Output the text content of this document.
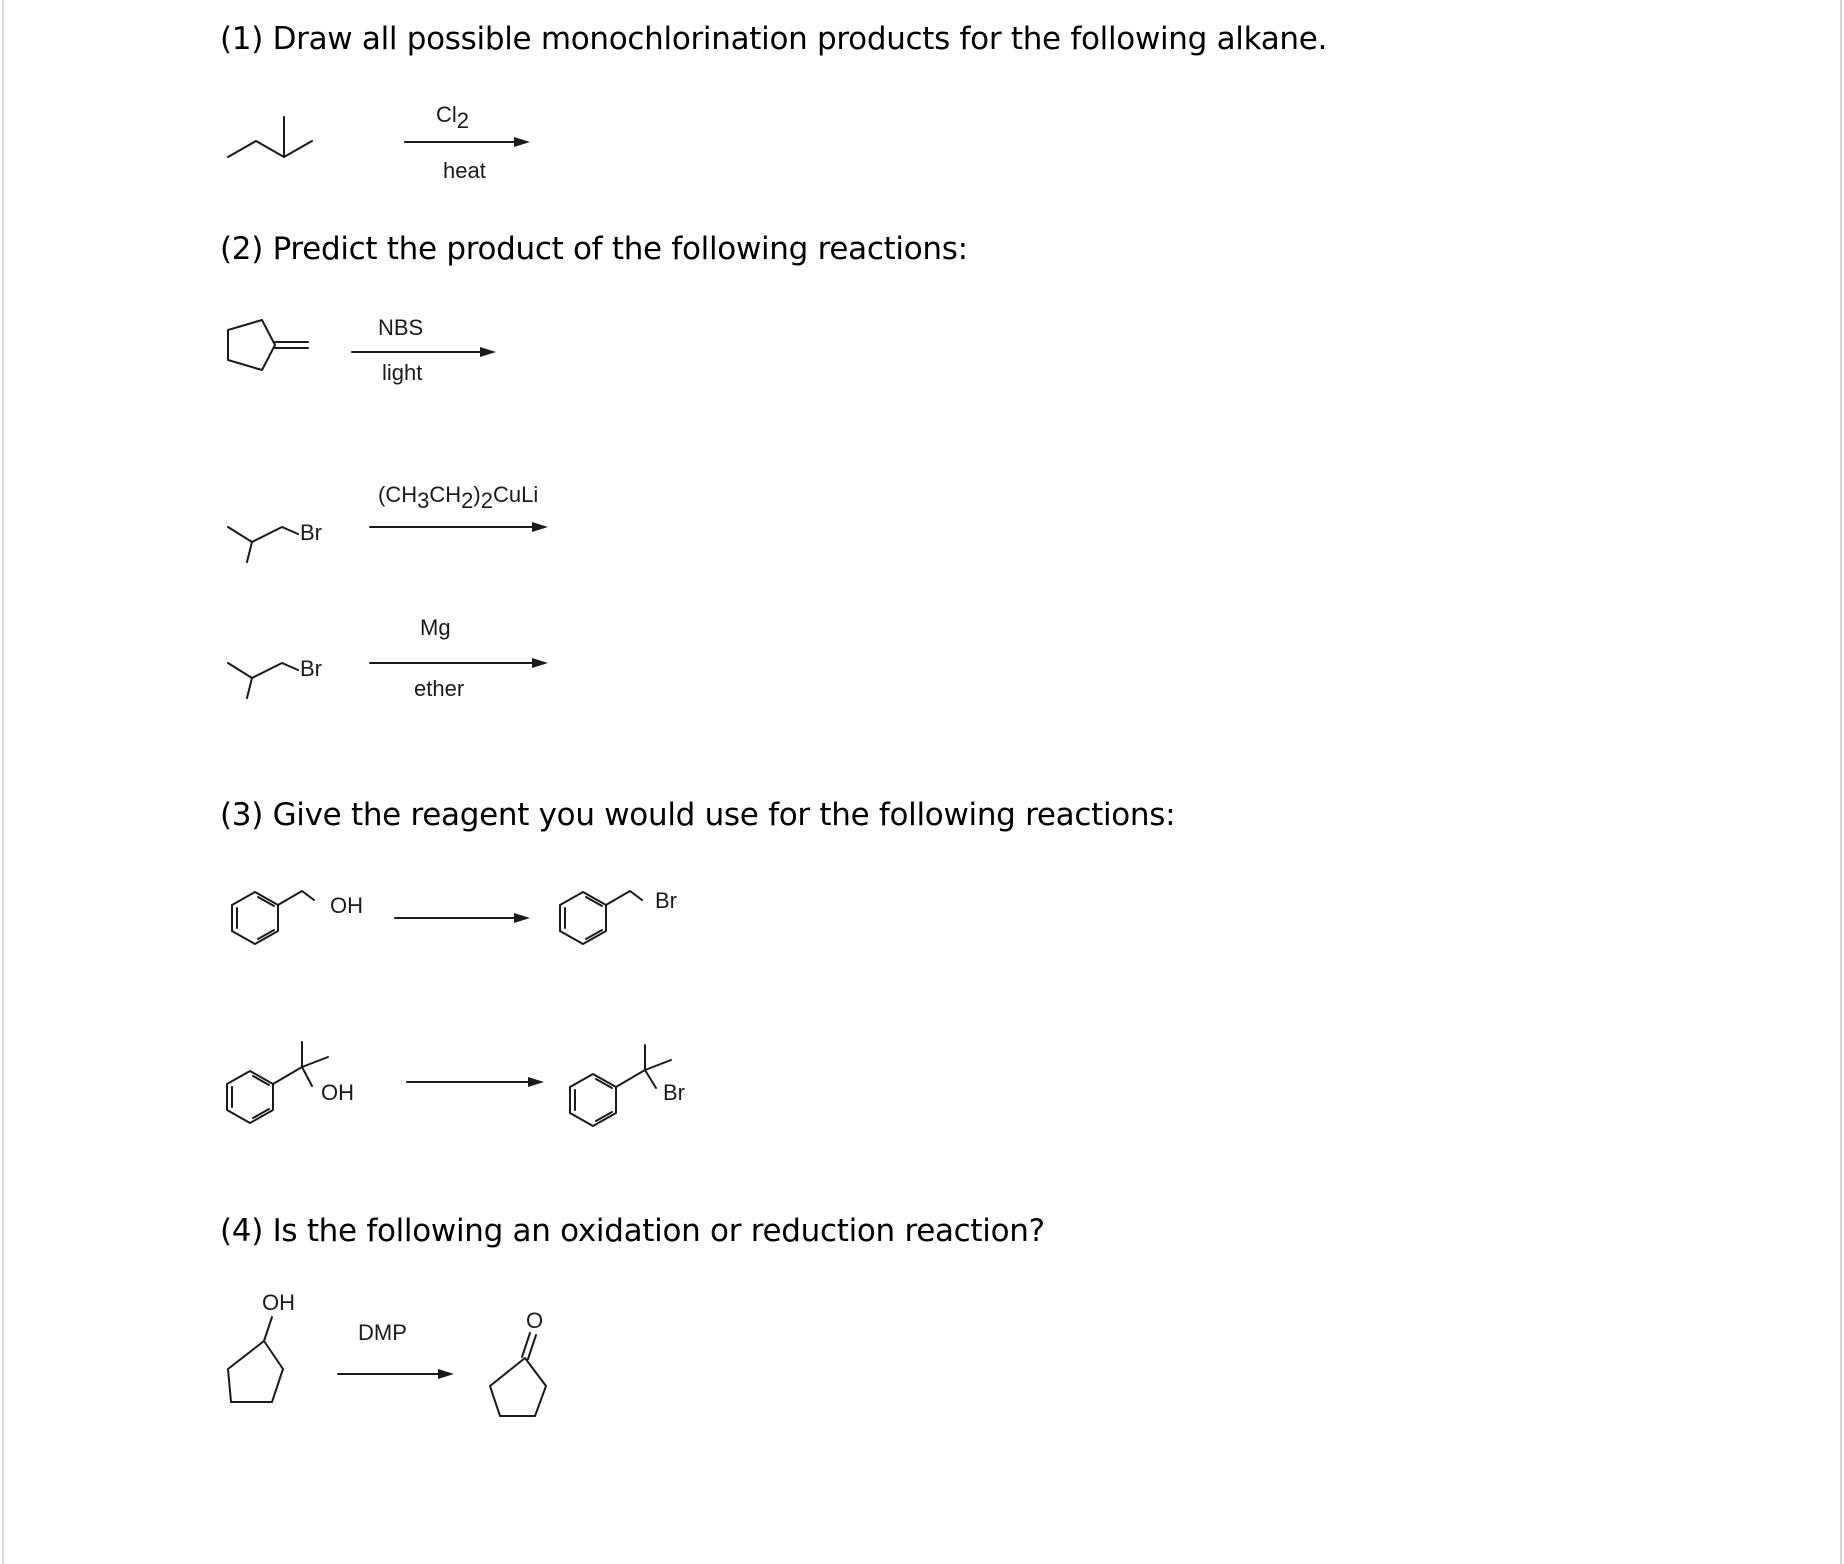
(1) Draw all possible monochlorination products for the following alkane.
Cl2
heat
(2) Predict the product of the following reactions:
NBS
light
Br
(CH3CH2)2CuLi
Br
Mg
ether
(3) Give the reagent you would use for the following reactions:
OH	Br
OH	Br
(4) Is the following an oxidation or reduction reaction?
OH
DMP	O
